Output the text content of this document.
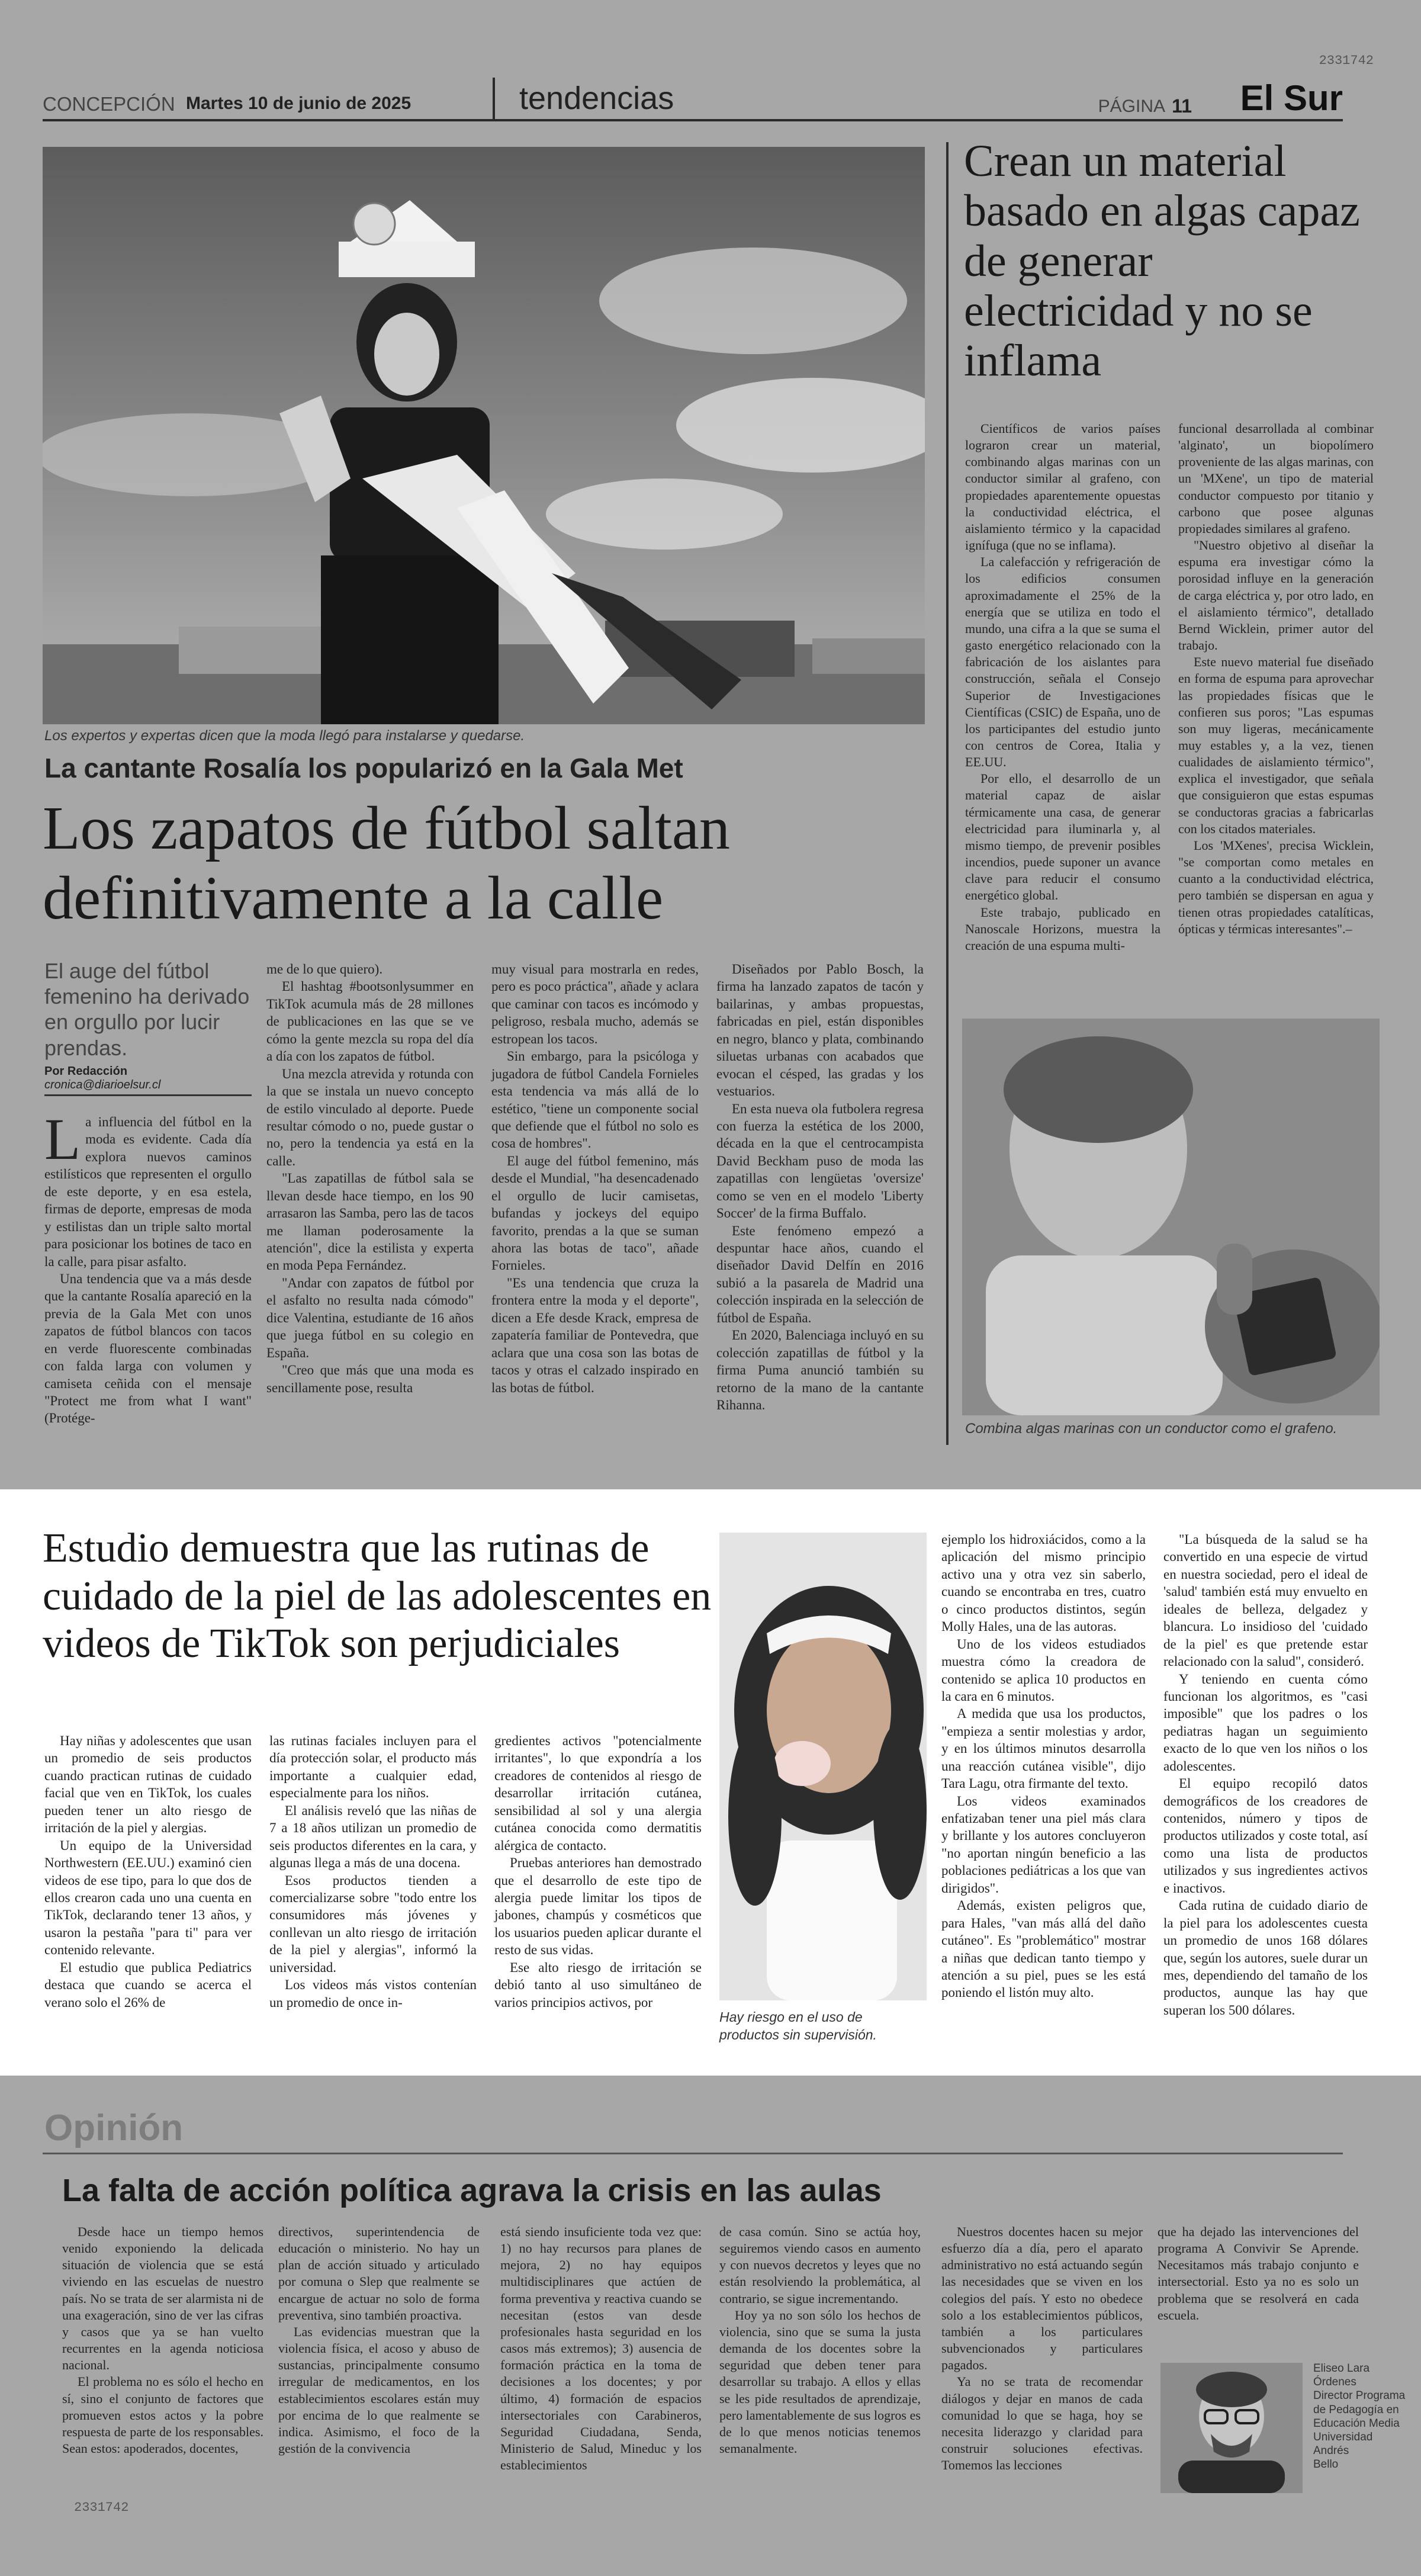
2331742
CONCEPCIÓN Martes 10 de junio de 2025	tendencias	PÁGINA 11 El Sur
Los expertos y expertas dicen que la moda llegó para instalarse y quedarse.
La cantante Rosalía los popularizó en la Gala Met
Los zapatos de fútbol saltan definitivamente a la calle
El auge del fútbol femenino ha derivado en orgullo por lucir prendas.
Por Redacción
cronica@diarioelsur.cl

La influencia del fútbol en la moda es evidente. Cada día explora nuevos caminos estilísticos que representen el orgullo de este deporte, y en esa estela, firmas de deporte, empresas de moda y estilistas dan un triple salto mortal para posicionar los botines de taco en la calle, para pisar asfalto.

Una tendencia que va a más desde que la cantante Rosalía apareció en la previa de la Gala Met con unos zapatos de fútbol blancos con tacos en verde fluorescente combinadas con falda larga con volumen y camiseta ceñida con el mensaje "Protect me from what I want" (Protége-

me de lo que quiero).

El hashtag #bootsonlysummer en TikTok acumula más de 28 millones de publicaciones en las que se ve cómo la gente mezcla su ropa del día a día con los zapatos de fútbol.

Una mezcla atrevida y rotunda con la que se instala un nuevo concepto de estilo vinculado al deporte. Puede resultar cómodo o no, puede gustar o no, pero la tendencia ya está en la calle.

"Las zapatillas de fútbol sala se llevan desde hace tiempo, en los 90 arrasaron las Samba, pero las de tacos me llaman poderosamente la atención", dice la estilista y experta en moda Pepa Fernández.

"Andar con zapatos de fútbol por el asfalto no resulta nada cómodo" dice Valentina, estudiante de 16 años que juega fútbol en su colegio en España.

"Creo que más que una moda es sencillamente pose, resulta

muy visual para mostrarla en redes, pero es poco práctica", añade y aclara que caminar con tacos es incómodo y peligroso, resbala mucho, además se estropean los tacos.

Sin embargo, para la psicóloga y jugadora de fútbol Candela Fornieles esta tendencia va más allá de lo estético, "tiene un componente social que defiende que el fútbol no solo es cosa de hombres".

El auge del fútbol femenino, más desde el Mundial, "ha desencadenado el orgullo de lucir camisetas, bufandas y jockeys del equipo favorito, prendas a la que se suman ahora las botas de taco", añade Fornieles.

"Es una tendencia que cruza la frontera entre la moda y el deporte", dicen a Efe desde Krack, empresa de zapatería familiar de Pontevedra, que aclara que una cosa son las botas de tacos y otras el calzado inspirado en las botas de fútbol.

Diseñados por Pablo Bosch, la firma ha lanzado zapatos de tacón y bailarinas, y ambas propuestas, fabricadas en piel, están disponibles en negro, blanco y plata, combinando siluetas urbanas con acabados que evocan el césped, las gradas y los vestuarios.

En esta nueva ola futbolera regresa con fuerza la estética de los 2000, década en la que el centrocampista David Beckham puso de moda las zapatillas con lengüetas 'oversize' como se ven en el modelo 'Liberty Soccer' de la firma Buffalo.

Este fenómeno empezó a despuntar hace años, cuando el diseñador David Delfín en 2016 subió a la pasarela de Madrid una colección inspirada en la selección de fútbol de España.

En 2020, Balenciaga incluyó en su colección zapatillas de fútbol y la firma Puma anunció también su retorno de la mano de la cantante Rihanna.

Crean un material basado en algas capaz de generar electricidad y no se inflama

Científicos de varios países lograron crear un material, combinando algas marinas con un conductor similar al grafeno, con propiedades aparentemente opuestas la conductividad eléctrica, el aislamiento térmico y la capacidad ignífuga (que no se inflama).

La calefacción y refrigeración de los edificios consumen aproximadamente el 25% de la energía que se utiliza en todo el mundo, una cifra a la que se suma el gasto energético relacionado con la fabricación de los aislantes para construcción, señala el Consejo Superior de Investigaciones Científicas (CSIC) de España, uno de los participantes del estudio junto con centros de Corea, Italia y EE.UU.

Por ello, el desarrollo de un material capaz de aislar térmicamente una casa, de generar electricidad para iluminarla y, al mismo tiempo, de prevenir posibles incendios, puede suponer un avance clave para reducir el consumo energético global.

Este trabajo, publicado en Nanoscale Horizons, muestra la creación de una espuma multi-

funcional desarrollada al combinar 'alginato', un biopolímero proveniente de las algas marinas, con un 'MXene', un tipo de material conductor compuesto por titanio y carbono que posee algunas propiedades similares al grafeno.

"Nuestro objetivo al diseñar la espuma era investigar cómo la porosidad influye en la generación de carga eléctrica y, por otro lado, en el aislamiento térmico", detallado Bernd Wicklein, primer autor del trabajo.

Este nuevo material fue diseñado en forma de espuma para aprovechar las propiedades físicas que le confieren sus poros; "Las espumas son muy ligeras, mecánicamente muy estables y, a la vez, tienen cualidades de aislamiento térmico", explica el investigador, que señala que consiguieron que estas espumas se conductoras gracias a fabricarlas con los citados materiales.

Los 'MXenes', precisa Wicklein, "se comportan como metales en cuanto a la conductividad eléctrica, pero también se dispersan en agua y tienen otras propiedades catalíticas, ópticas y térmicas interesantes".–

Combina algas marinas con un conductor como el grafeno.
Estudio demuestra que las rutinas de cuidado de la piel de las adolescentes en videos de TikTok son perjudiciales

Hay niñas y adolescentes que usan un promedio de seis productos cuando practican rutinas de cuidado facial que ven en TikTok, los cuales pueden tener un alto riesgo de irritación de la piel y alergias.

Un equipo de la Universidad Northwestern (EE.UU.) examinó cien videos de ese tipo, para lo que dos de ellos crearon cada uno una cuenta en TikTok, declarando tener 13 años, y usaron la pestaña "para ti" para ver contenido relevante.

El estudio que publica Pediatrics destaca que cuando se acerca el verano solo el 26% de

las rutinas faciales incluyen para el día protección solar, el producto más importante a cualquier edad, especialmente para los niños.

El análisis reveló que las niñas de 7 a 18 años utilizan un promedio de seis productos diferentes en la cara, y algunas llega a más de una docena.

Esos productos tienden a comercializarse sobre "todo entre los consumidores más jóvenes y conllevan un alto riesgo de irritación de la piel y alergias", informó la universidad.

Los videos más vistos contenían un promedio de once in-

gredientes activos "potencialmente irritantes", lo que expondría a los creadores de contenidos al riesgo de desarrollar irritación cutánea, sensibilidad al sol y una alergia cutánea conocida como dermatitis alérgica de contacto.

Pruebas anteriores han demostrado que el desarrollo de este tipo de alergia puede limitar los tipos de jabones, champús y cosméticos que los usuarios pueden aplicar durante el resto de sus vidas.

Ese alto riesgo de irritación se debió tanto al uso simultáneo de varios principios activos, por

Hay riesgo en el uso de productos sin supervisión.

ejemplo los hidroxiácidos, como a la aplicación del mismo principio activo una y otra vez sin saberlo, cuando se encontraba en tres, cuatro o cinco productos distintos, según Molly Hales, una de las autoras.

Uno de los videos estudiados muestra cómo la creadora de contenido se aplica 10 productos en la cara en 6 minutos.

A medida que usa los productos, "empieza a sentir molestias y ardor, y en los últimos minutos desarrolla una reacción cutánea visible", dijo Tara Lagu, otra firmante del texto.

Los videos examinados enfatizaban tener una piel más clara y brillante y los autores concluyeron "no aportan ningún beneficio a las poblaciones pediátricas a los que van dirigidos".

Además, existen peligros que, para Hales, "van más allá del daño cutáneo". Es "problemático" mostrar a niñas que dedican tanto tiempo y atención a su piel, pues se les está poniendo el listón muy alto.

"La búsqueda de la salud se ha convertido en una especie de virtud en nuestra sociedad, pero el ideal de 'salud' también está muy envuelto en ideales de belleza, delgadez y blancura. Lo insidioso del 'cuidado de la piel' es que pretende estar relacionado con la salud", consideró.

Y teniendo en cuenta cómo funcionan los algoritmos, es "casi imposible" que los padres o los pediatras hagan un seguimiento exacto de lo que ven los niños o los adolescentes.

El equipo recopiló datos demográficos de los creadores de contenidos, número y tipos de productos utilizados y coste total, así como una lista de productos utilizados y sus ingredientes activos e inactivos.

Cada rutina de cuidado diario de la piel para los adolescentes cuesta un promedio de unos 168 dólares que, según los autores, suele durar un mes, dependiendo del tamaño de los productos, aunque las hay que superan los 500 dólares.

Opinión
La falta de acción política agrava la crisis en las aulas

Desde hace un tiempo hemos venido exponiendo la delicada situación de violencia que se está viviendo en las escuelas de nuestro país. No se trata de ser alarmista ni de una exageración, sino de ver las cifras y casos que ya se han vuelto recurrentes en la agenda noticiosa nacional.

El problema no es sólo el hecho en sí, sino el conjunto de factores que promueven estos actos y la pobre respuesta de parte de los responsables. Sean estos: apoderados, docentes,

directivos, superintendencia de educación o ministerio. No hay un plan de acción situado y articulado por comuna o Slep que realmente se encargue de actuar no solo de forma preventiva, sino también proactiva.

Las evidencias muestran que la violencia física, el acoso y abuso de sustancias, principalmente consumo irregular de medicamentos, en los establecimientos escolares están muy por encima de lo que realmente se indica. Asimismo, el foco de la gestión de la convivencia

está siendo insuficiente toda vez que: 1) no hay recursos para planes de mejora, 2) no hay equipos multidisciplinares que actúen de forma preventiva y reactiva cuando se necesitan (estos van desde profesionales hasta seguridad en los casos más extremos); 3) ausencia de formación práctica en la toma de decisiones a los docentes; y por último, 4) formación de espacios intersectoriales con Carabineros, Seguridad Ciudadana, Senda, Ministerio de Salud, Mineduc y los establecimientos

de casa común. Sino se actúa hoy, seguiremos viendo casos en aumento y con nuevos decretos y leyes que no están resolviendo la problemática, al contrario, se sigue incrementando.

Hoy ya no son sólo los hechos de violencia, sino que se suma la justa demanda de los docentes sobre la seguridad que deben tener para desarrollar su trabajo. A ellos y ellas se les pide resultados de aprendizaje, pero lamentablemente de sus logros es de lo que menos noticias tenemos semanalmente.

Nuestros docentes hacen su mejor esfuerzo día a día, pero el aparato administrativo no está actuando según las necesidades que se viven en los colegios del país. Y esto no obedece solo a los establecimientos públicos, también a los particulares subvencionados y particulares pagados.

Ya no se trata de recomendar diálogos y dejar en manos de cada comunidad lo que se haga, hoy se necesita liderazgo y claridad para construir soluciones efectivas. Tomemos las lecciones

que ha dejado las intervenciones del programa A Convivir Se Aprende. Necesitamos más trabajo conjunto e intersectorial. Esto ya no es solo un problema que se resolverá en cada escuela.

Eliseo Lara Órdenes
Director Programa
de Pedagogía en
Educación Media
Universidad Andrés
Bello
2331742
